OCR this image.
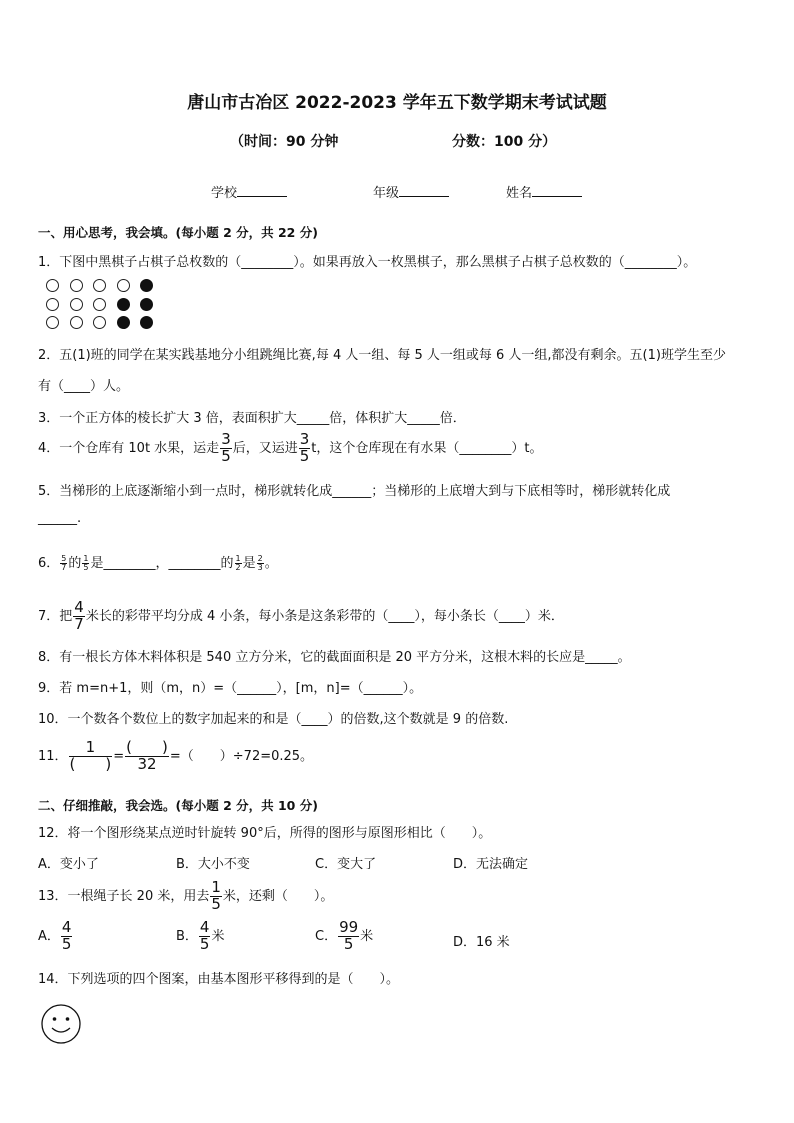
唐山市古冶区 2022-2023 学年五下数学期末考试试题
（时间：90 分钟	分数：100 分）
学校	年级	姓名
一、用心思考，我会填。(每小题 2 分，共 22 分)
1．下图中黑棋子占棋子总枚数的（________）。如果再放入一枚黑棋子，那么黑棋子占棋子总枚数的（________）。
2．五(1)班的同学在某实践基地分小组跳绳比赛,每 4 人一组、每 5 人一组或每 6 人一组,都没有剩余。五(1)班学生至少
有（____）人。
3．一个正方体的棱长扩大 3 倍，表面积扩大_____倍，体积扩大_____倍．
4．一个仓库有 10t 水果，运走 $\frac{3}{5}$ 后，又运进 $\frac{3}{5}$ t，这个仓库现在有水果（________）t。
5．当梯形的上底逐渐缩小到一点时，梯形就转化成______；当梯形的上底增大到与下底相等时，梯形就转化成
______.
6． $\frac{5}{7}$ 的 $\frac{1}{5}$ 是________，________的 $\frac{1}{2}$ 是 $\frac{2}{3}$ 。
7．把 $\frac{4}{7}$ 米长的彩带平均分成 4 小条，每小条是这条彩带的（____），每小条长（____）米．
8．有一根长方体木料体积是 540 立方分米，它的截面面积是 20 平方分米，这根木料的长应是_____。
9．若 m=n+1，则（m，n）=（______），[m，n]=（______）。
10．一个数各个数位上的数字加起来的和是（____）的倍数,这个数就是 9 的倍数.
11． $\frac{1}{( )} = \frac{( )}{32}$ =（　　）÷72=0.25。
二、仔细推敲，我会选。(每小题 2 分，共 10 分)
12．将一个图形绕某点逆时针旋转 90°后，所得的图形与原图形相比（　　）。
A．变小了	B．大小不变	C．变大了	D．无法确定
13．一根绳子长 20 米，用去 $\frac{1}{5}$ 米，还剩（　　）。
A． $\frac{4}{5}$	B． $\frac{4}{5}$ 米	C． $\frac{99}{5}$ 米	D．16 米
14．下列选项的四个图案，由基本图形平移得到的是（　　）。
